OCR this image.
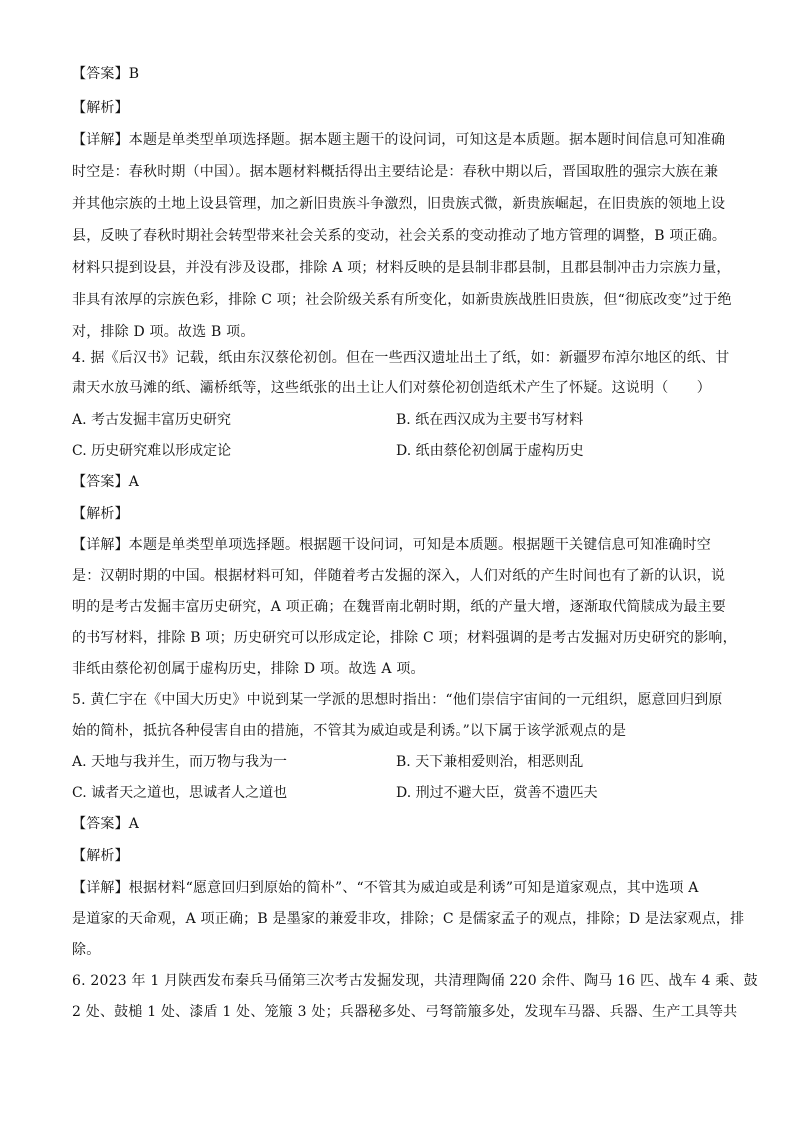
【答案】B
【解析】
【详解】本题是单类型单项选择题。据本题主题干的设问词，可知这是本质题。据本题时间信息可知准确
时空是：春秋时期（中国）。据本题材料概括得出主要结论是：春秋中期以后，晋国取胜的强宗大族在兼
并其他宗族的土地上设县管理，加之新旧贵族斗争激烈，旧贵族式微，新贵族崛起，在旧贵族的领地上设
县，反映了春秋时期社会转型带来社会关系的变动，社会关系的变动推动了地方管理的调整，B 项正确。
材料只提到设县，并没有涉及设郡，排除 A 项；材料反映的是县制非郡县制，且郡县制冲击力宗族力量，
非具有浓厚的宗族色彩，排除 C 项；社会阶级关系有所变化，如新贵族战胜旧贵族，但“彻底改变”过于绝
对，排除 D 项。故选 B 项。
4. 据《后汉书》记载，纸由东汉蔡伦初创。但在一些西汉遗址出土了纸，如：新疆罗布淖尔地区的纸、甘
肃天水放马滩的纸、灞桥纸等，这些纸张的出土让人们对蔡伦初创造纸术产生了怀疑。这说明（　　）
A. 考古发掘丰富历史研究	B. 纸在西汉成为主要书写材料
C. 历史研究难以形成定论	D. 纸由蔡伦初创属于虚构历史
【答案】A
【解析】
【详解】本题是单类型单项选择题。根据题干设问词，可知是本质题。根据题干关键信息可知准确时空
是：汉朝时期的中国。根据材料可知，伴随着考古发掘的深入，人们对纸的产生时间也有了新的认识，说
明的是考古发掘丰富历史研究，A 项正确；在魏晋南北朝时期，纸的产量大增，逐渐取代简牍成为最主要
的书写材料，排除 B 项；历史研究可以形成定论，排除 C 项；材料强调的是考古发掘对历史研究的影响，
非纸由蔡伦初创属于虚构历史，排除 D 项。故选 A 项。
5. 黄仁宇在《中国大历史》中说到某一学派的思想时指出：“他们崇信宇宙间的一元组织，愿意回归到原
始的简朴，抵抗各种侵害自由的措施，不管其为威迫或是利诱。”以下属于该学派观点的是
A. 天地与我并生，而万物与我为一	B. 天下兼相爱则治，相恶则乱
C. 诚者天之道也，思诚者人之道也	D. 刑过不避大臣，赏善不遗匹夫
【答案】A
【解析】
【详解】根据材料“愿意回归到原始的简朴”、“不管其为威迫或是利诱”可知是道家观点，其中选项 A
是道家的天命观，A 项正确；B 是墨家的兼爱非攻，排除；C 是儒家孟子的观点，排除；D 是法家观点，排
除。
6. 2023 年 1 月陕西发布秦兵马俑第三次考古发掘发现，共清理陶俑 220 余件、陶马 16 匹、战车 4 乘、鼓
2 处、鼓槌 1 处、漆盾 1 处、笼箙 3 处；兵器秘多处、弓弩箭箙多处，发现车马器、兵器、生产工具等共
